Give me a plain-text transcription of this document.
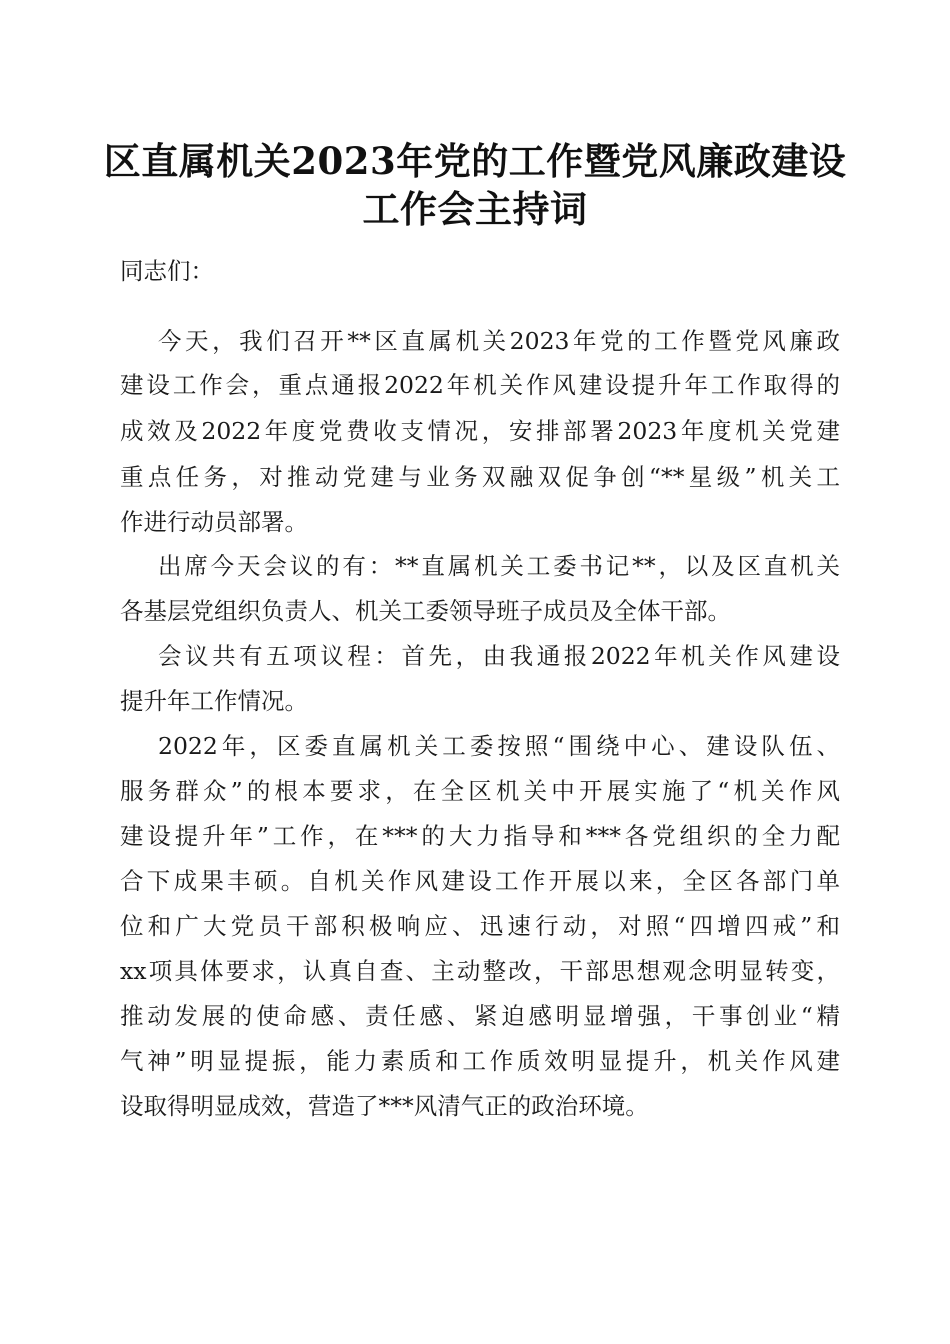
区直属机关2023年党的工作暨党风廉政建设
工作会主持词
同志们：
今天，我们召开**区直属机关2023年党的工作暨党风廉政
建设工作会，重点通报2022年机关作风建设提升年工作取得的
成效及2022年度党费收支情况，安排部署2023年度机关党建
重点任务，对推动党建与业务双融双促争创“**星级”机关工
作进行动员部署。
出席今天会议的有：**直属机关工委书记**，以及区直机关
各基层党组织负责人、机关工委领导班子成员及全体干部。
会议共有五项议程：首先，由我通报2022年机关作风建设
提升年工作情况。
2022年，区委直属机关工委按照“围绕中心、建设队伍、
服务群众”的根本要求，在全区机关中开展实施了“机关作风
建设提升年”工作，在***的大力指导和***各党组织的全力配
合下成果丰硕。自机关作风建设工作开展以来，全区各部门单
位和广大党员干部积极响应、迅速行动，对照“四增四戒”和
xx项具体要求，认真自查、主动整改，干部思想观念明显转变，
推动发展的使命感、责任感、紧迫感明显增强，干事创业“精
气神”明显提振，能力素质和工作质效明显提升，机关作风建
设取得明显成效，营造了***风清气正的政治环境。
